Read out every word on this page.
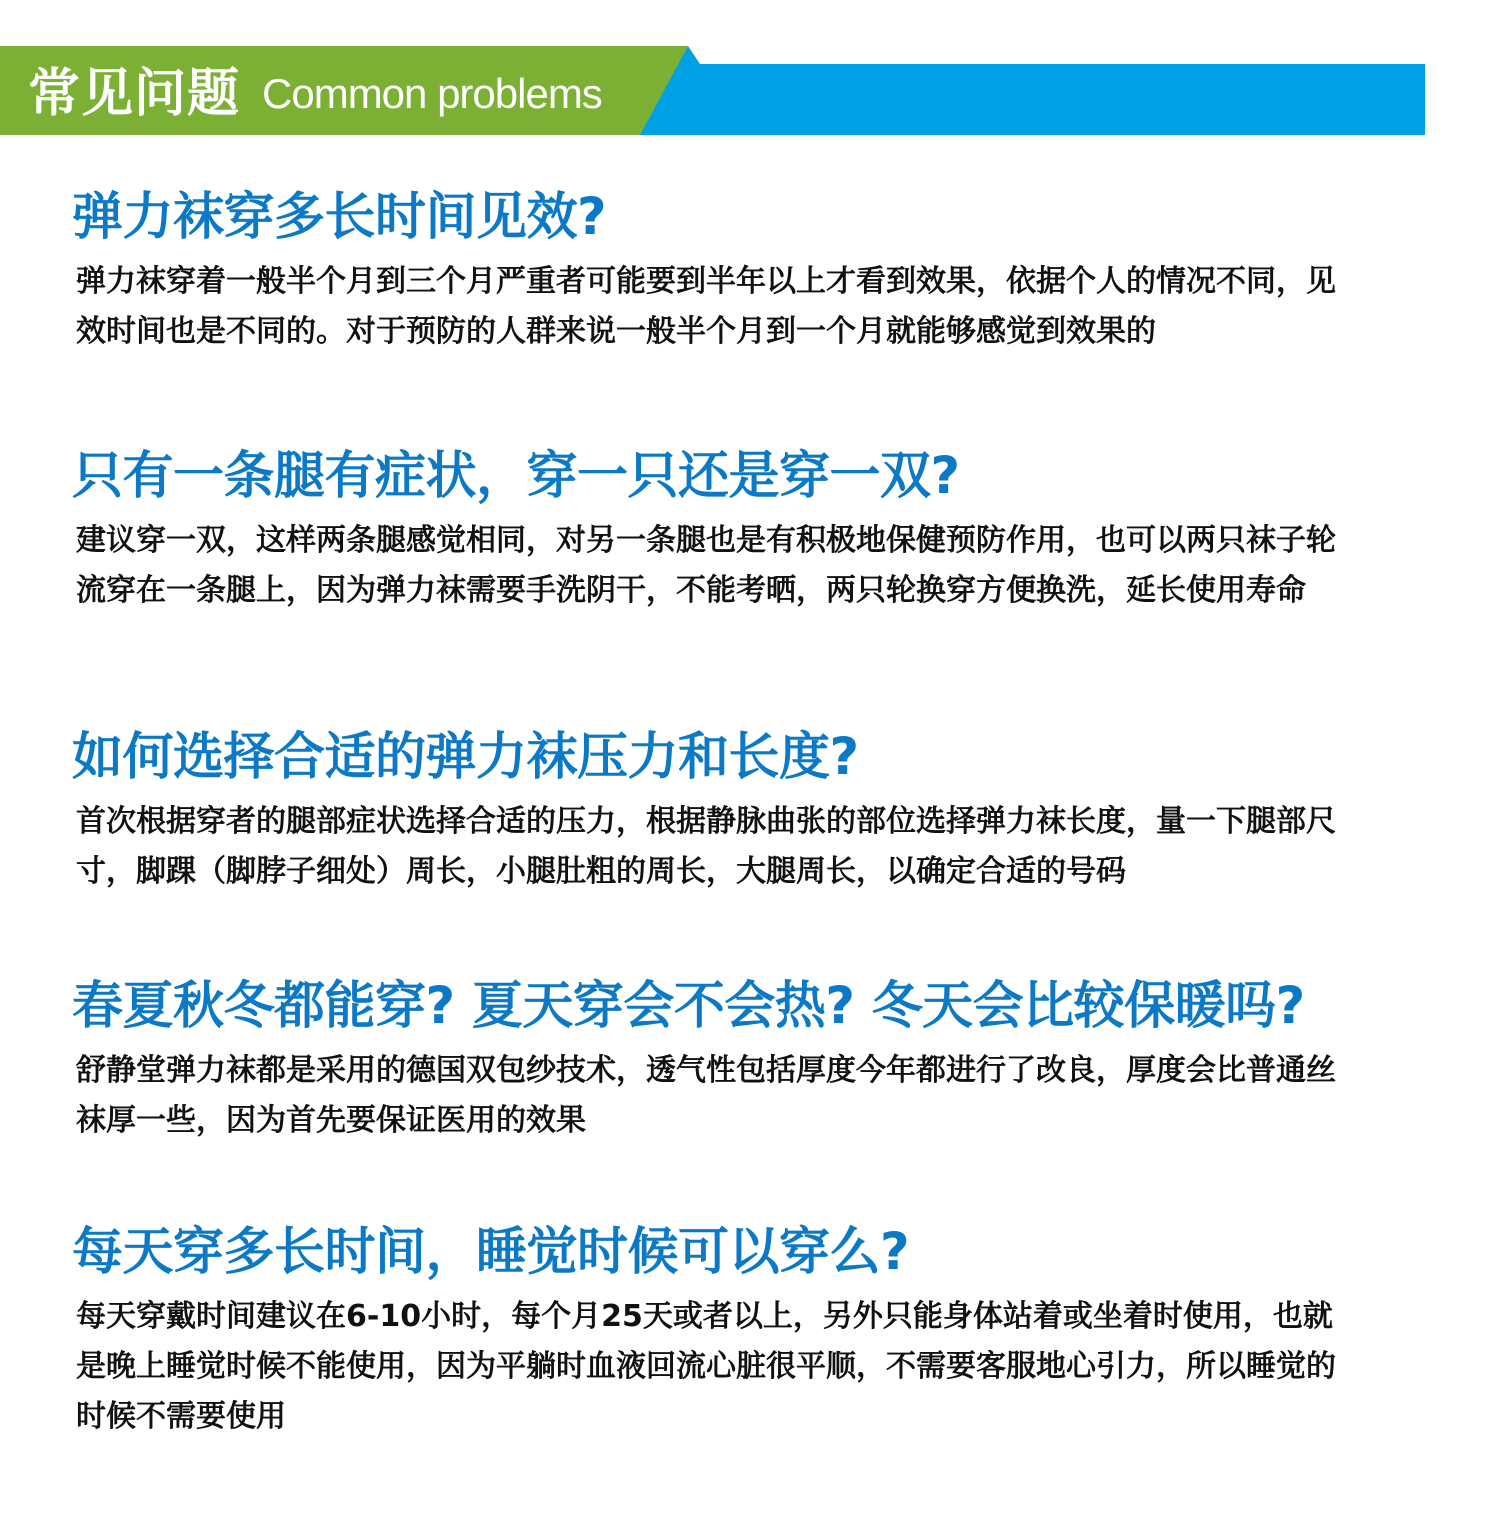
常见问题 Common problems
弹力袜穿多长时间见效?

弹力袜穿着一般半个月到三个月严重者可能要到半年以上才看到效果，依据个人的情况不同，见效时间也是不同的。对于预防的人群来说一般半个月到一个月就能够感觉到效果的

只有一条腿有症状，穿一只还是穿一双?

建议穿一双，这样两条腿感觉相同，对另一条腿也是有积极地保健预防作用，也可以两只袜子轮流穿在一条腿上，因为弹力袜需要手洗阴干，不能考晒，两只轮换穿方便换洗，延长使用寿命

如何选择合适的弹力袜压力和长度?

首次根据穿者的腿部症状选择合适的压力，根据静脉曲张的部位选择弹力袜长度，量一下腿部尺寸，脚踝（脚脖子细处）周长，小腿肚粗的周长，大腿周长，以确定合适的号码

春夏秋冬都能穿? 夏天穿会不会热? 冬天会比较保暖吗?

舒静堂弹力袜都是采用的德国双包纱技术，透气性包括厚度今年都进行了改良，厚度会比普通丝袜厚一些，因为首先要保证医用的效果

每天穿多长时间，睡觉时候可以穿么?

每天穿戴时间建议在6-10小时，每个月25天或者以上，另外只能身体站着或坐着时使用，也就是晚上睡觉时候不能使用，因为平躺时血液回流心脏很平顺，不需要客服地心引力，所以睡觉的时候不需要使用
